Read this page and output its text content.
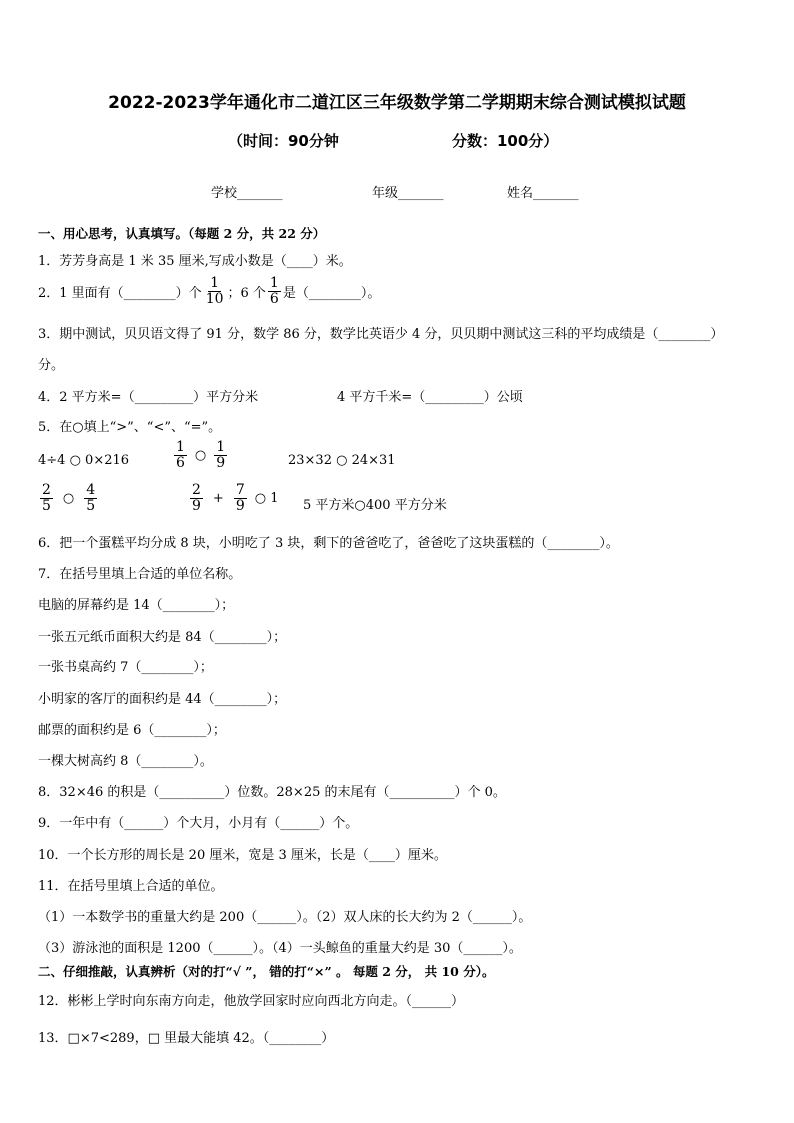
2022-2023学年通化市二道江区三年级数学第二学期期末综合测试模拟试题
（时间：90分钟	分数：100分）
学校_______	年级_______	姓名_______
一、用心思考，认真填写。（每题 2 分，共 22 分）
1．芳芳身高是 1 米 35 厘米,写成小数是（____）米。
2．1 里面有（________）个 $\frac{1}{10}$ ；6 个 $\frac{1}{6}$ 是（________）。
3．期中测试，贝贝语文得了 91 分，数学 86 分，数学比英语少 4 分，贝贝期中测试这三科的平均成绩是（________）
分。
4．2 平方米=（_________）平方分米	4 平方千米=（_________）公顷
5．在○填上“>”、“<”、“=”。
4÷4 ○ 0×216	$\frac{1}{6}$ ○ $\frac{1}{9}$	23×32 ○ 24×31
$\frac{2}{5}$ ○ $\frac{4}{5}$	$\frac{2}{9} + \frac{7}{9}$ ○ 1 5 平方米○400 平方分米
6．把一个蛋糕平均分成 8 块，小明吃了 3 块，剩下的爸爸吃了，爸爸吃了这块蛋糕的（________）。
7．在括号里填上合适的单位名称。
电脑的屏幕约是 14（________）；
一张五元纸币面积大约是 84（________）；
一张书桌高约 7（________）；
小明家的客厅的面积约是 44（________）；
邮票的面积约是 6（________）；
一棵大树高约 8（________）。
8．32×46 的积是（__________）位数。28×25 的末尾有（__________）个 0。
9．一年中有（______）个大月，小月有（______）个。
10．一个长方形的周长是 20 厘米，宽是 3 厘米，长是（____）厘米。
11．在括号里填上合适的单位。
（1）一本数学书的重量大约是 200（______）。（2）双人床的长大约为 2（______）。
（3）游泳池的面积是 1200（______）。（4）一头鲸鱼的重量大约是 30（______）。
二、仔细推敲，认真辨析（对的打“√ ”， 错的打“×” 。 每题 2 分， 共 10 分）。
12．彬彬上学时向东南方向走，他放学回家时应向西北方向走。（______）
13．□×7<289，□ 里最大能填 42。（________）
